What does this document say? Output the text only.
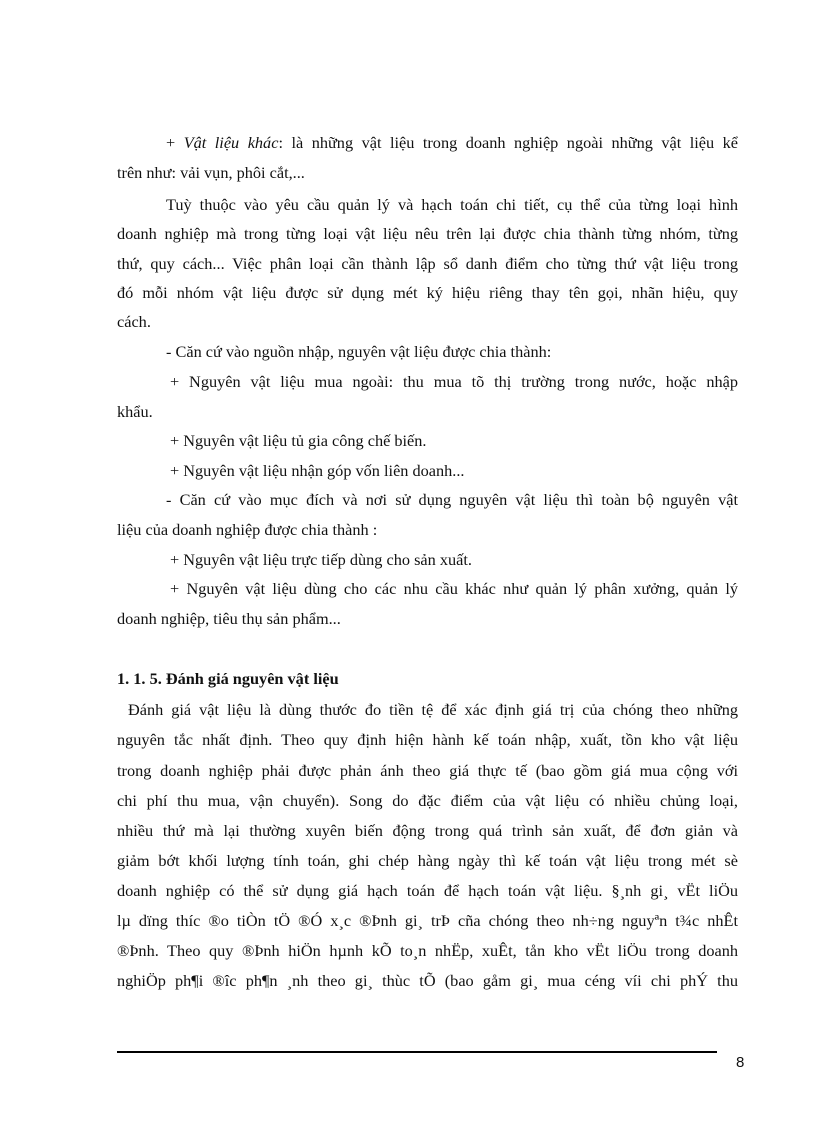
+ Vật liệu khác: là những vật liệu trong doanh nghiệp ngoài những vật liệu kể
trên như: vải vụn, phôi cắt,...
Tuỳ thuộc vào yêu cầu quản lý và hạch toán chi tiết, cụ thể của từng loại hình
doanh nghiệp mà trong từng loại vật liệu nêu trên lại được chia thành từng nhóm, từng
thứ, quy cách... Việc phân loại cần thành lập sổ danh điểm cho từng thứ vật liệu trong
đó mỗi nhóm vật liệu được sử dụng mét ký hiệu riêng thay tên gọi, nhãn hiệu, quy
cách.
- Căn cứ vào nguồn nhập, nguyên vật liệu được chia thành:
+ Nguyên vật liệu mua ngoài: thu mua tõ thị trường trong nước, hoặc nhập
khẩu.
+ Nguyên vật liệu tủ gia công chế biến.
+ Nguyên vật liệu nhận góp vốn liên doanh...
- Căn cứ vào mục đích và nơi sử dụng nguyên vật liệu thì toàn bộ nguyên vật
liệu của doanh nghiệp được chia thành :
+ Nguyên vật liệu trực tiếp dùng cho sản xuất.
+ Nguyên vật liệu dùng cho các nhu cầu khác như quản lý phân xưởng, quản lý
doanh nghiệp, tiêu thụ sản phẩm...
1. 1. 5. Đánh giá nguyên vật liệu
Đánh giá vật liệu là dùng thước đo tiền tệ để xác định giá trị của chóng theo những
nguyên tắc nhất định. Theo quy định hiện hành kế toán nhập, xuất, tồn kho vật liệu
trong doanh nghiệp phải được phản ánh theo giá thực tế (bao gồm giá mua cộng với
chi phí thu mua, vận chuyển). Song do đặc điểm của vật liệu có nhiều chủng loại,
nhiều thứ mà lại thường xuyên biến động trong quá trình sản xuất, để đơn giản và
giảm bớt khối lượng tính toán, ghi chép hàng ngày thì kế toán vật liệu trong mét sè
doanh nghiệp có thể sử dụng giá hạch toán để hạch toán vật liệu. §¸nh gi¸ vËt liÖu
lµ dïng thíc ®o tiÒn tÖ ®Ó x¸c ®Þnh gi¸ trÞ cña chóng theo nh÷ng nguyªn t¾c nhÊt
®Þnh. Theo quy ®Þnh hiÖn hµnh kÕ to¸n nhËp, xuÊt, tån kho vËt liÖu trong doanh
nghiÖp ph¶i ®îc ph¶n ¸nh theo gi¸ thùc tÕ (bao gåm gi¸ mua céng víi chi phÝ thu
8
